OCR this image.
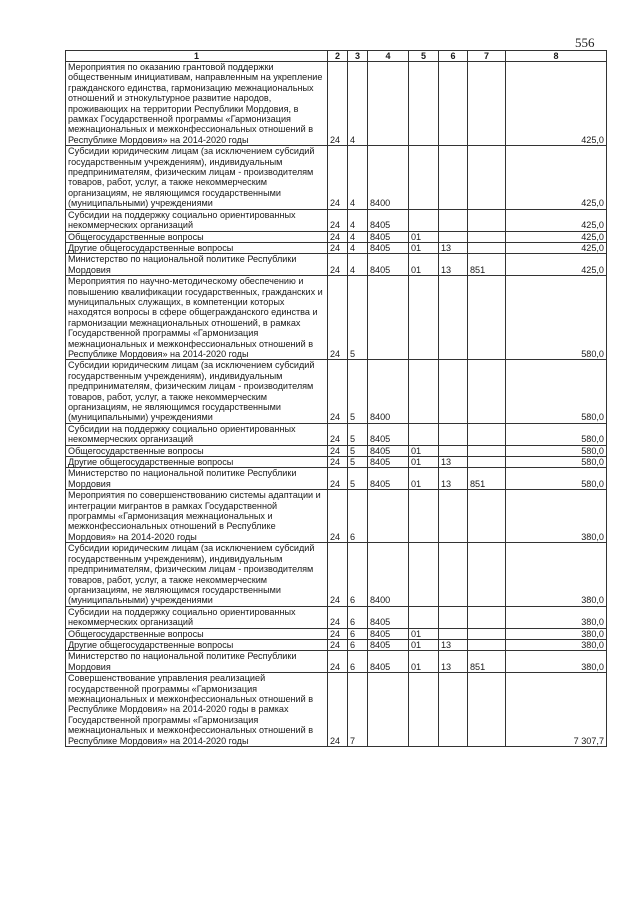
556
1	2	3	4	5	6	7	8
Мероприятия по оказанию грантовой поддержки общественным инициативам, направленным на укрепление гражданского единства, гармонизацию межнациональных отношений и этнокультурное развитие народов, проживающих на территории Республики Мордовия, в рамках Государственной программы «Гармонизация межнациональных и межконфессиональных отношений в Республике Мордовия» на 2014-2020 годы	24	4					425,0
Субсидии юридическим лицам (за исключением субсидий государственным учреждениям), индивидуальным предпринимателям, физическим лицам - производителям товаров, работ, услуг, а также некоммерческим организациям, не являющимся государственными (муниципальными) учреждениями	24	4	8400				425,0
Субсидии на поддержку социально ориентированных некоммерческих организаций	24	4	8405				425,0
Общегосударственные вопросы	24	4	8405	01			425,0
Другие общегосударственные вопросы	24	4	8405	01	13		425,0
Министерство по национальной политике Республики Мордовия	24	4	8405	01	13	851	425,0
Мероприятия по научно-методическому обеспечению и повышению квалификации государственных, гражданских и муниципальных служащих, в компетенции которых находятся вопросы в сфере общегражданского единства и гармонизации межнациональных отношений, в рамках Государственной программы «Гармонизация межнациональных и межконфессиональных отношений в Республике Мордовия» на 2014-2020 годы	24	5					580,0
Субсидии юридическим лицам (за исключением субсидий государственным учреждениям), индивидуальным предпринимателям, физическим лицам - производителям товаров, работ, услуг, а также некоммерческим организациям, не являющимся государственными (муниципальными) учреждениями	24	5	8400				580,0
Субсидии на поддержку социально ориентированных некоммерческих организаций	24	5	8405				580,0
Общегосударственные вопросы	24	5	8405	01			580,0
Другие общегосударственные вопросы	24	5	8405	01	13		580,0
Министерство по национальной политике Республики Мордовия	24	5	8405	01	13	851	580,0
Мероприятия по совершенствованию системы адаптации и интеграции мигрантов в рамках Государственной программы «Гармонизация межнациональных и межконфессиональных отношений в Республике Мордовия» на 2014-2020 годы	24	6					380,0
Субсидии юридическим лицам (за исключением субсидий государственным учреждениям), индивидуальным предпринимателям, физическим лицам - производителям товаров, работ, услуг, а также некоммерческим организациям, не являющимся государственными (муниципальными) учреждениями	24	6	8400				380,0
Субсидии на поддержку социально ориентированных некоммерческих организаций	24	6	8405				380,0
Общегосударственные вопросы	24	6	8405	01			380,0
Другие общегосударственные вопросы	24	6	8405	01	13		380,0
Министерство по национальной политике Республики Мордовия	24	6	8405	01	13	851	380,0
Совершенствование управления реализацией государственной программы «Гармонизация межнациональных и межконфессиональных отношений в Республике Мордовия» на 2014-2020 годы в рамках Государственной программы «Гармонизация межнациональных и межконфессиональных отношений в Республике Мордовия» на 2014-2020 годы	24	7					7 307,7
